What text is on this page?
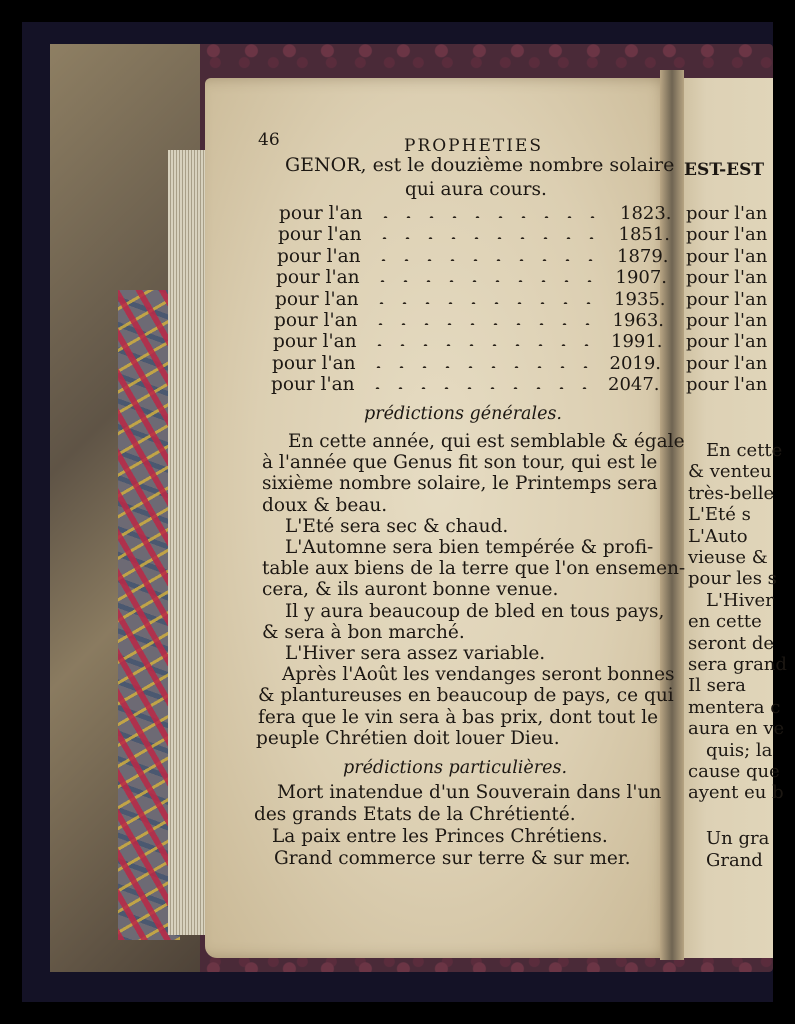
46	PROPHETIES
GENOR, est le douzième nombre solaire
qui aura cours.
pour l'an	1823.
pour l'an	1851.
pour l'an	1879.
pour l'an	1907.
pour l'an	1935.
pour l'an	1963.
pour l'an	1991.
pour l'an	2019.
pour l'an	2047.
prédictions générales.
En cette année, qui est semblable & égale
à l'année que Genus fit son tour, qui est le
sixième nombre solaire, le Printemps sera
doux & beau.
L'Eté sera sec & chaud.
L'Automne sera bien tempérée & profi-
table aux biens de la terre que l'on ensemen-
cera, & ils auront bonne venue.
Il y aura beaucoup de bled en tous pays,
& sera à bon marché.
L'Hiver sera assez variable.
Après l'Août les vendanges seront bonnes
& plantureuses en beaucoup de pays, ce qui
fera que le vin sera à bas prix, dont tout le
peuple Chrétien doit louer Dieu.
prédictions particulières.
Mort inatendue d'un Souverain dans l'un
des grands Etats de la Chrétienté.
La paix entre les Princes Chrétiens.
Grand commerce sur terre & sur mer.
EST-EST
pour l'an
pour l'an
pour l'an
pour l'an
pour l'an
pour l'an
pour l'an
pour l'an
pour l'an
En cette
& venteu
très-belle
L'Eté s
L'Auto
vieuse &
pour les s
L'Hiver
en cette
seront de
sera grand
Il sera
mentera c
aura en ve
quis; la
cause que
ayent eu b
Un gra
Grand
